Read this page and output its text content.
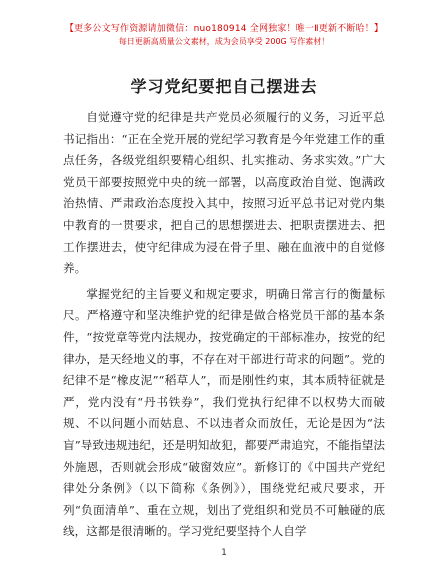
【更多公文写作资源请加微信：nuo180914 全网独家！唯一Ⅱ更新不断哈！】
每日更新高质量公文素材，成为会员享受 200G 写作素材！
学习党纪要把自己摆进去

自觉遵守党的纪律是共产党员必须履行的义务，习近平总书记指出：“正在全党开展的党纪学习教育是今年党建工作的重点任务，各级党组织要精心组织、扎实推动、务求实效。”广大党员干部要按照党中央的统一部署，以高度政治自觉、饱满政治热情、严肃政治态度投入其中，按照习近平总书记对党内集中教育的一贯要求，把自己的思想摆进去、把职责摆进去、把工作摆进去，使守纪律成为浸在骨子里、融在血液中的自觉修养。

掌握党纪的主旨要义和规定要求，明确日常言行的衡量标尺。严格遵守和坚决维护党的纪律是做合格党员干部的基本条件，“按党章等党内法规办，按党确定的干部标准办，按党的纪律办，是天经地义的事，不存在对干部进行苛求的问题”。党的纪律不是“橡皮泥”“稻草人”，而是刚性约束，其本质特征就是严，党内没有“丹书铁券”，我们党执行纪律不以权势大而破规、不以问题小而姑息、不以违者众而放任，无论是因为“法盲”导致违规违纪，还是明知故犯，都要严肃追究，不能指望法外施恩，否则就会形成“破窗效应”。新修订的《中国共产党纪律处分条例》（以下简称《条例》），围绕党纪戒尺要求，开列“负面清单”、重在立规，划出了党组织和党员不可触碰的底线，这都是很清晰的。学习党纪要坚持个人自学

1
